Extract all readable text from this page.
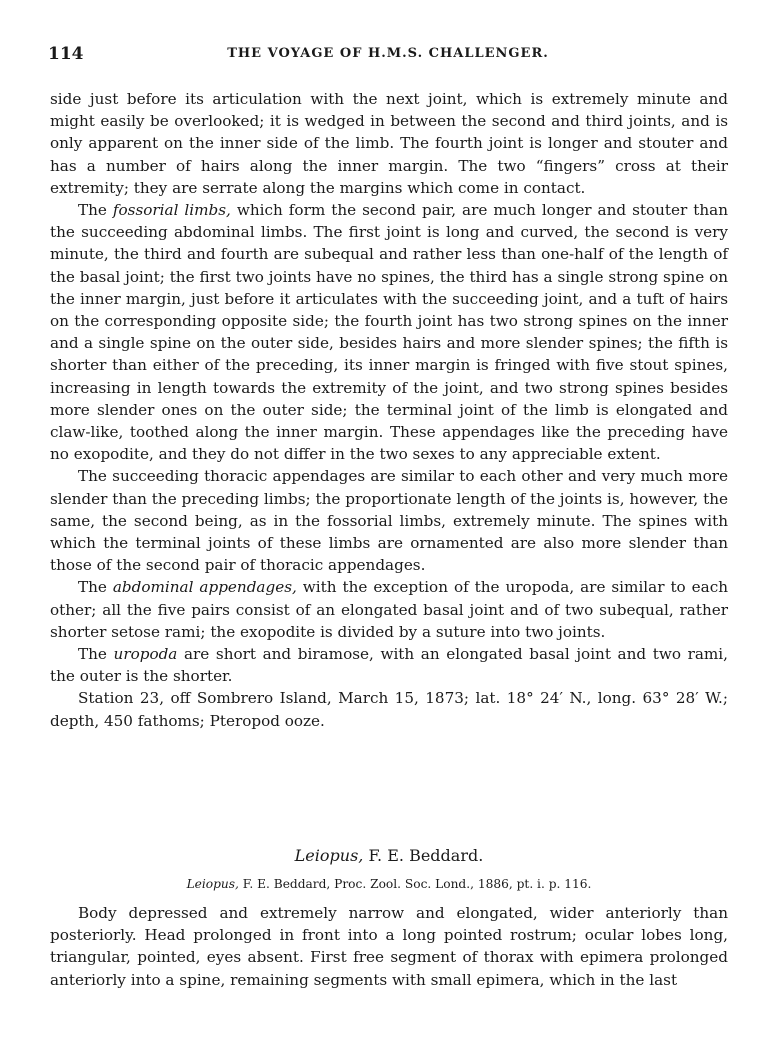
114	THE VOYAGE OF H.M.S. CHALLENGER.

side just before its articulation with the next joint, which is extremely minute and might easily be overlooked; it is wedged in between the second and third joints, and is only apparent on the inner side of the limb. The fourth joint is longer and stouter and has a number of hairs along the inner margin. The two “fingers” cross at their extremity; they are serrate along the margins which come in contact.

The fossorial limbs, which form the second pair, are much longer and stouter than the succeeding abdominal limbs. The first joint is long and curved, the second is very minute, the third and fourth are subequal and rather less than one-half of the length of the basal joint; the first two joints have no spines, the third has a single strong spine on the inner margin, just before it articulates with the succeeding joint, and a tuft of hairs on the corresponding opposite side; the fourth joint has two strong spines on the inner and a single spine on the outer side, besides hairs and more slender spines; the fifth is shorter than either of the preceding, its inner margin is fringed with five stout spines, increasing in length towards the extremity of the joint, and two strong spines besides more slender ones on the outer side; the terminal joint of the limb is elongated and claw-like, toothed along the inner margin. These appendages like the preceding have no exopodite, and they do not differ in the two sexes to any appreciable extent.

The succeeding thoracic appendages are similar to each other and very much more slender than the preceding limbs; the proportionate length of the joints is, however, the same, the second being, as in the fossorial limbs, extremely minute. The spines with which the terminal joints of these limbs are ornamented are also more slender than those of the second pair of thoracic appendages.

The abdominal appendages, with the exception of the uropoda, are similar to each other; all the five pairs consist of an elongated basal joint and of two subequal, rather shorter setose rami; the exopodite is divided by a suture into two joints.

The uropoda are short and biramose, with an elongated basal joint and two rami, the outer is the shorter.

Station 23, off Sombrero Island, March 15, 1873; lat. 18° 24′ N., long. 63° 28′ W.; depth, 450 fathoms; Pteropod ooze.

Leiopus, F. E. Beddard.
Leiopus, F. E. Beddard, Proc. Zool. Soc. Lond., 1886, pt. i. p. 116.

Body depressed and extremely narrow and elongated, wider anteriorly than posteriorly. Head prolonged in front into a long pointed rostrum; ocular lobes long, triangular, pointed, eyes absent. First free segment of thorax with epimera prolonged anteriorly into a spine, remaining segments with small epimera, which in the last
